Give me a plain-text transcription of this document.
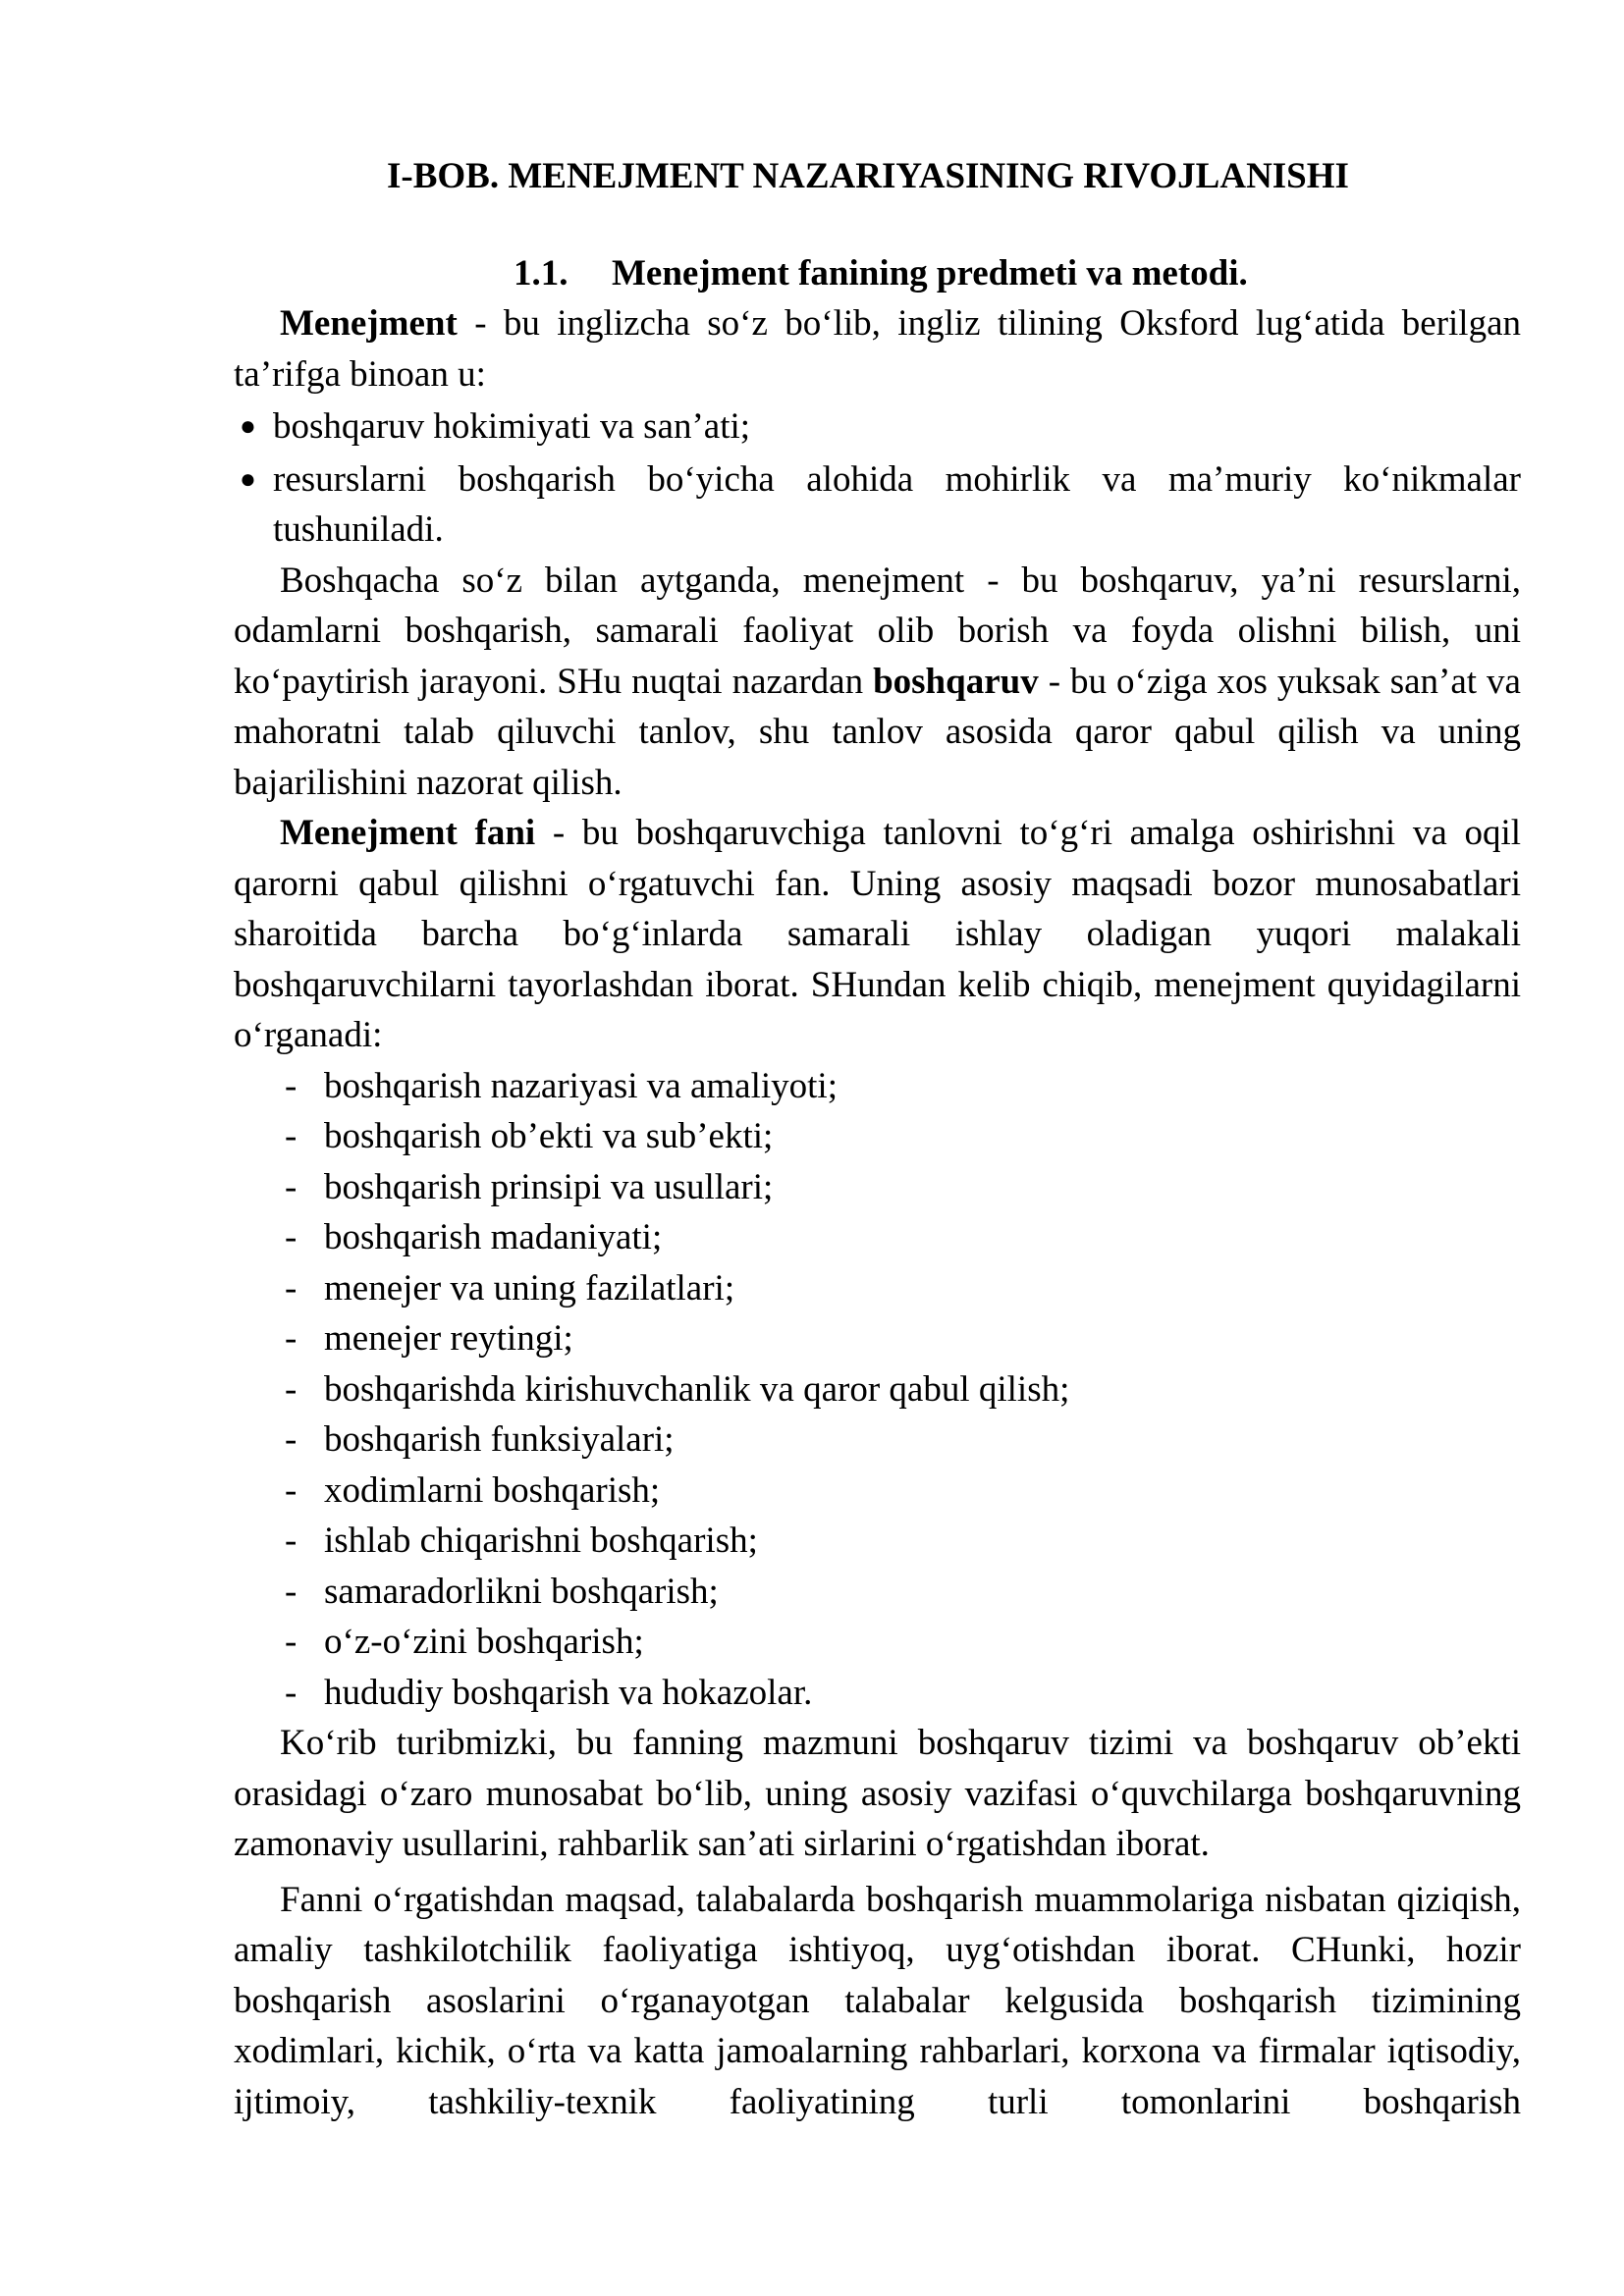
I-BOB. MENEJMENT NAZARIYASINING RIVOJLANISHI
1.1. Menejment fanining predmeti va metodi.

Menejment - bu inglizcha so‘z bo‘lib, ingliz tilining Oksford lug‘atida berilgan ta’rifga binoan u:

● boshqaruv hokimiyati va san’ati;
● resurslarni boshqarish bo‘yicha alohida mohirlik va ma’muriy ko‘nikmalar tushuniladi.

Boshqacha so‘z bilan aytganda, menejment - bu boshqaruv, ya’ni resurslarni, odamlarni boshqarish, samarali faoliyat olib borish va foyda olishni bilish, uni ko‘paytirish jarayoni. SHu nuqtai nazardan boshqaruv - bu o‘ziga xos yuksak san’at va mahoratni talab qiluvchi tanlov, shu tanlov asosida qaror qabul qilish va uning bajarilishini nazorat qilish.

Menejment fani - bu boshqaruvchiga tanlovni to‘g‘ri amalga oshirishni va oqil qarorni qabul qilishni o‘rgatuvchi fan. Uning asosiy maqsadi bozor munosabatlari sharoitida barcha bo‘g‘inlarda samarali ishlay oladigan yuqori malakali boshqaruvchilarni tayorlashdan iborat. SHundan kelib chiqib, menejment quyidagilarni o‘rganadi:

- boshqarish nazariyasi va amaliyoti;
- boshqarish ob’ekti va sub’ekti;
- boshqarish prinsipi va usullari;
- boshqarish madaniyati;
- menejer va uning fazilatlari;
- menejer reytingi;
- boshqarishda kirishuvchanlik va qaror qabul qilish;
- boshqarish funksiyalari;
- xodimlarni boshqarish;
- ishlab chiqarishni boshqarish;
- samaradorlikni boshqarish;
- o‘z-o‘zini boshqarish;
- hududiy boshqarish va hokazolar.

Ko‘rib turibmizki, bu fanning mazmuni boshqaruv tizimi va boshqaruv ob’ekti orasidagi o‘zaro munosabat bo‘lib, uning asosiy vazifasi o‘quvchilarga boshqaruvning zamonaviy usullarini, rahbarlik san’ati sirlarini o‘rgatishdan iborat.

Fanni o‘rgatishdan maqsad, talabalarda boshqarish muammolariga nisbatan qiziqish, amaliy tashkilotchilik faoliyatiga ishtiyoq, uyg‘otishdan iborat. CHunki, hozir boshqarish asoslarini o‘rganayotgan talabalar kelgusida boshqarish tizimining xodimlari, kichik, o‘rta va katta jamoalarning rahbarlari, korxona va firmalar iqtisodiy, ijtimoiy, tashkiliy-texnik faoliyatining turli tomonlarini boshqarish
